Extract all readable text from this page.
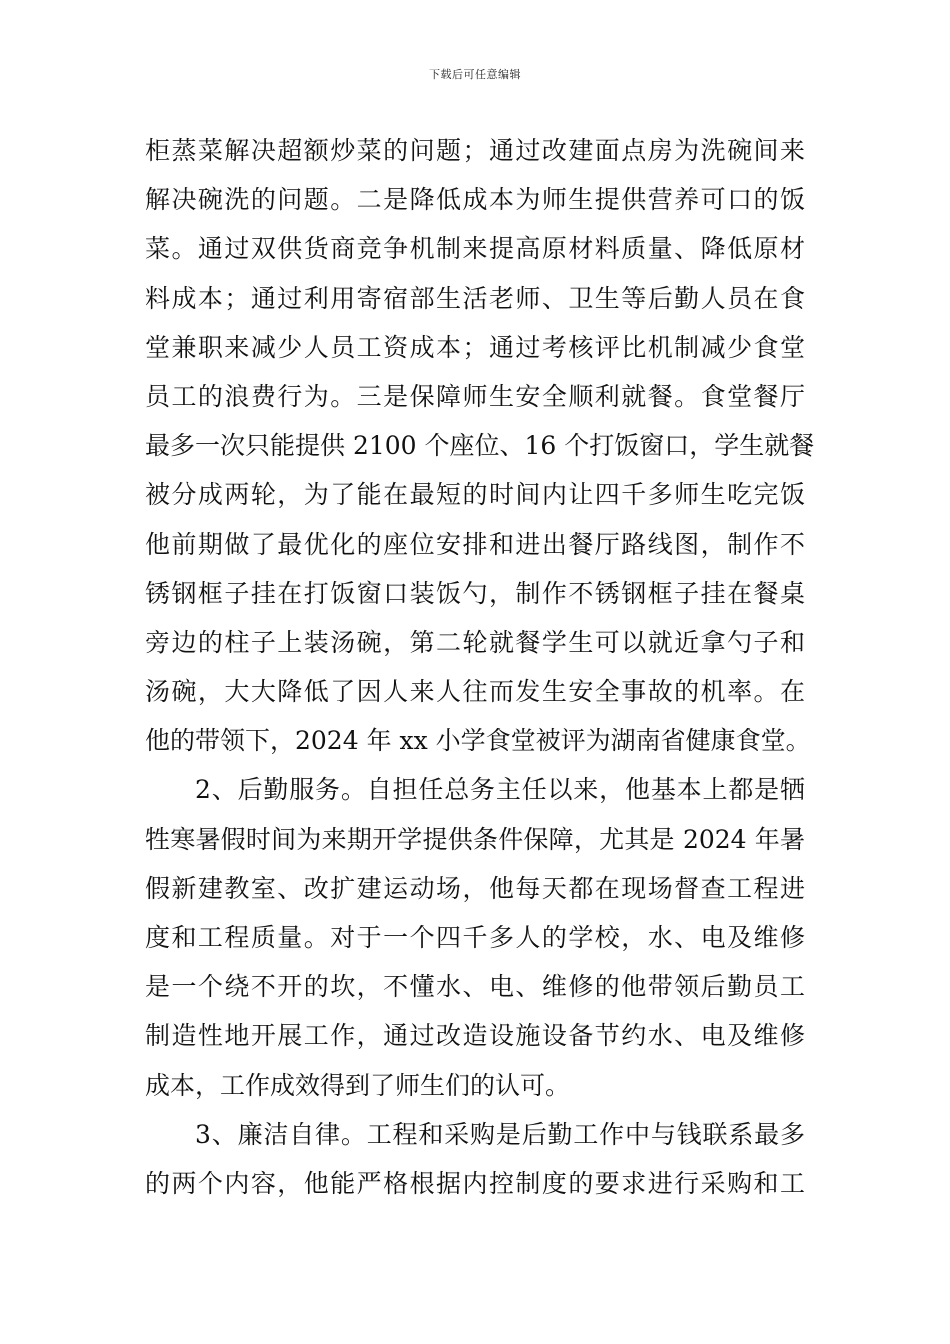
下载后可任意编辑
柜蒸菜解决超额炒菜的问题；通过改建面点房为洗碗间来
解决碗洗的问题。二是降低成本为师生提供营养可口的饭
菜。通过双供货商竞争机制来提高原材料质量、降低原材
料成本；通过利用寄宿部生活老师、卫生等后勤人员在食
堂兼职来减少人员工资成本；通过考核评比机制减少食堂
员工的浪费行为。三是保障师生安全顺利就餐。食堂餐厅
最多一次只能提供 2100 个座位、16 个打饭窗口，学生就餐
被分成两轮，为了能在最短的时间内让四千多师生吃完饭
他前期做了最优化的座位安排和进出餐厅路线图，制作不
锈钢框子挂在打饭窗口装饭勺，制作不锈钢框子挂在餐桌
旁边的柱子上装汤碗，第二轮就餐学生可以就近拿勺子和
汤碗，大大降低了因人来人往而发生安全事故的机率。在
他的带领下，2024 年 xx 小学食堂被评为湖南省健康食堂。
2、后勤服务。自担任总务主任以来，他基本上都是牺
牲寒暑假时间为来期开学提供条件保障，尤其是 2024 年暑
假新建教室、改扩建运动场，他每天都在现场督查工程进
度和工程质量。对于一个四千多人的学校，水、电及维修
是一个绕不开的坎，不懂水、电、维修的他带领后勤员工
制造性地开展工作，通过改造设施设备节约水、电及维修
成本，工作成效得到了师生们的认可。
3、廉洁自律。工程和采购是后勤工作中与钱联系最多
的两个内容，他能严格根据内控制度的要求进行采购和工
